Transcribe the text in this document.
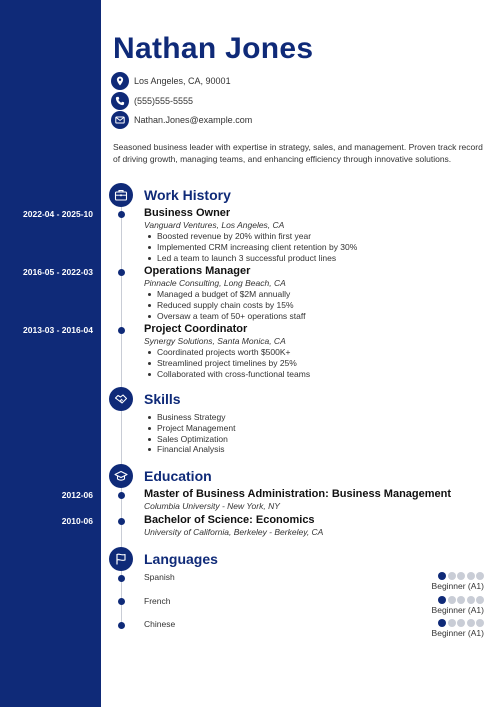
Nathan Jones
Los Angeles, CA, 90001
(555)555-5555
Nathan.Jones@example.com
Seasoned business leader with expertise in strategy, sales, and management. Proven track record of driving growth, managing teams, and enhancing efficiency through innovative solutions.
Work History
2022-04 - 2025-10	Business Owner
Vanguard Ventures, Los Angeles, CA
Boosted revenue by 20% within first year
Implemented CRM increasing client retention by 30%
Led a team to launch 3 successful product lines
2016-05 - 2022-03	Operations Manager
Pinnacle Consulting, Long Beach, CA
Managed a budget of $2M annually
Reduced supply chain costs by 15%
Oversaw a team of 50+ operations staff
2013-03 - 2016-04	Project Coordinator
Synergy Solutions, Santa Monica, CA
Coordinated projects worth $500K+
Streamlined project timelines by 25%
Collaborated with cross-functional teams
Skills
Business Strategy
Project Management
Sales Optimization
Financial Analysis
Education
2012-06	Master of Business Administration: Business Management
Columbia University - New York, NY
2010-06	Bachelor of Science: Economics
University of California, Berkeley - Berkeley, CA
Languages
Spanish
Beginner (A1)
French
Beginner (A1)
Chinese
Beginner (A1)
